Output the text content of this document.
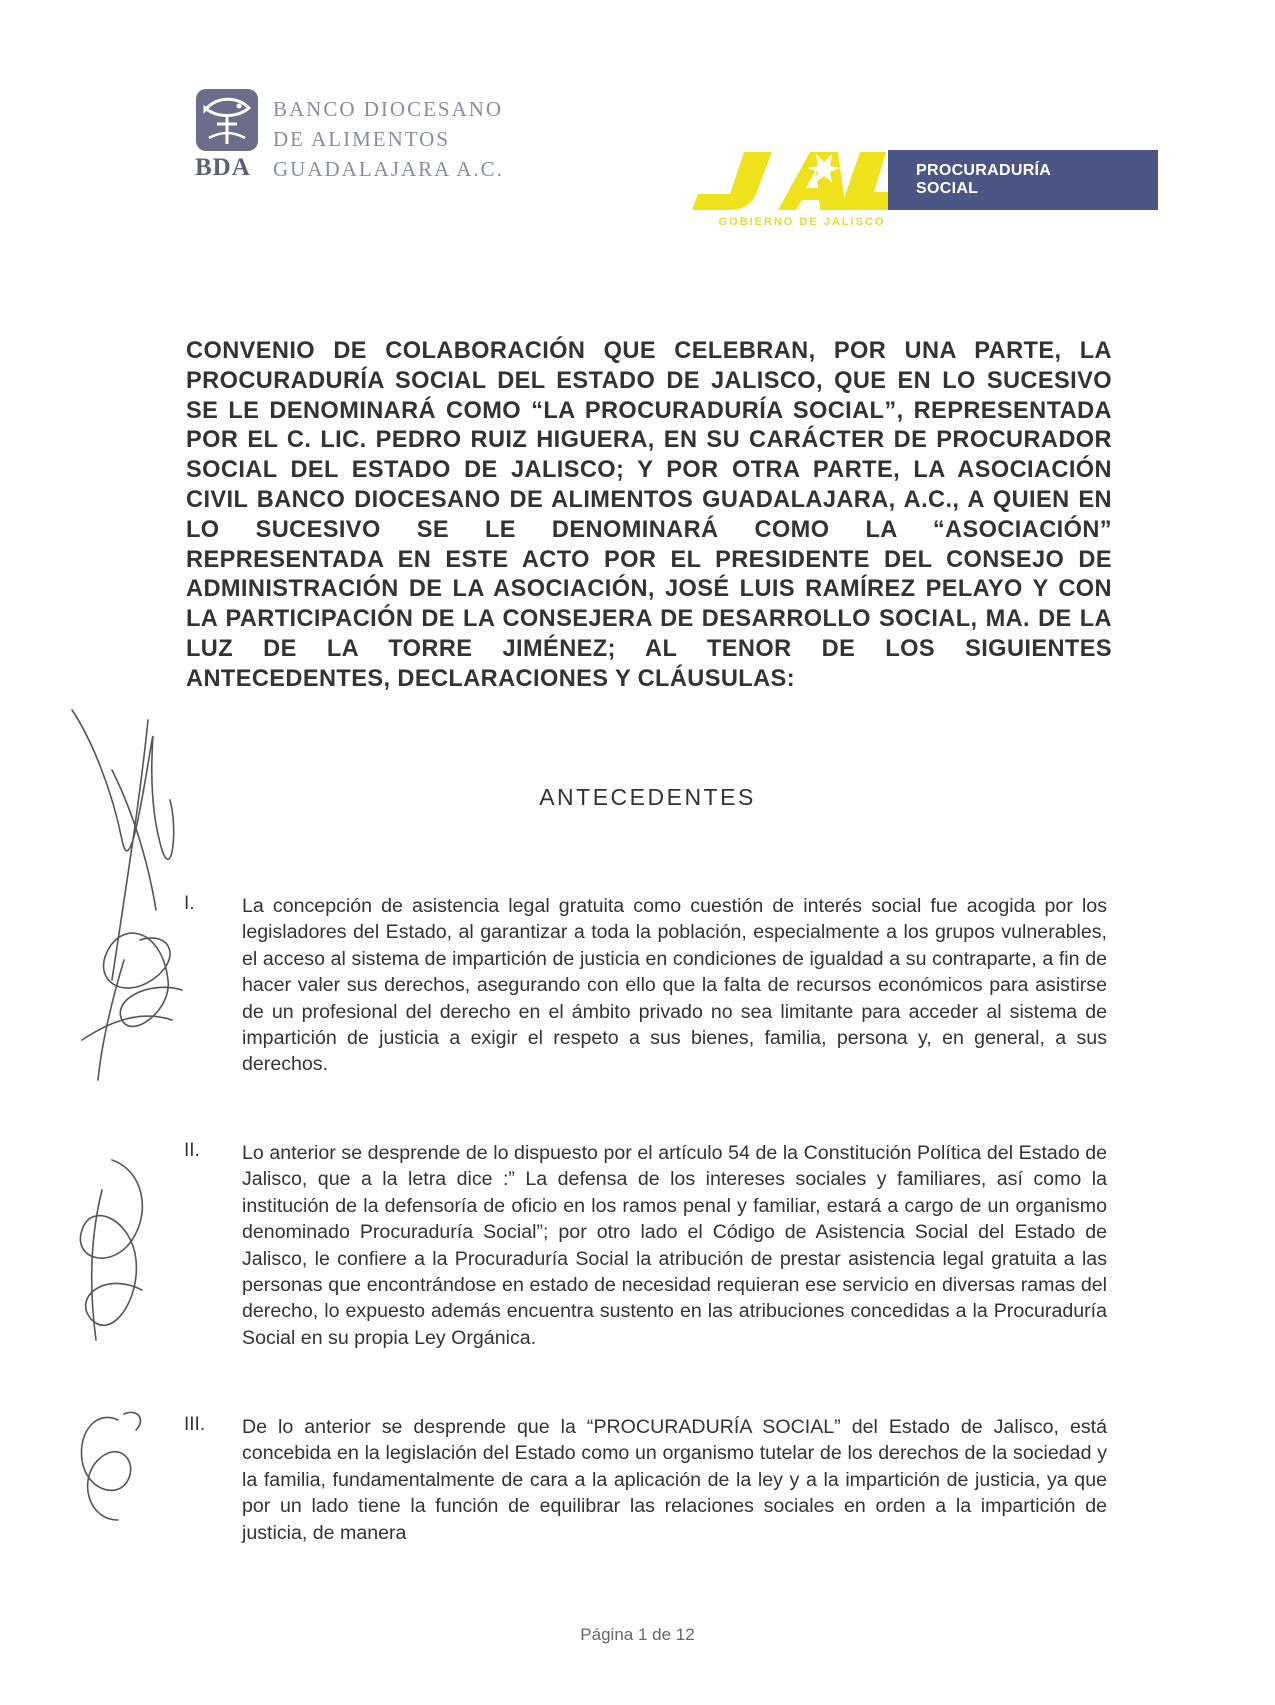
BDA
BANCO DIOCESANO
DE ALIMENTOS
GUADALAJARA A.C.	PROCURADURÍA
SOCIAL
GOBIERNO DE JALISCO
CONVENIO DE COLABORACIÓN QUE CELEBRAN, POR UNA PARTE, LA PROCURADURÍA SOCIAL DEL ESTADO DE JALISCO, QUE EN LO SUCESIVO SE LE DENOMINARÁ COMO “LA PROCURADURÍA SOCIAL”, REPRESENTADA POR EL C. LIC. PEDRO RUIZ HIGUERA, EN SU CARÁCTER DE PROCURADOR SOCIAL DEL ESTADO DE JALISCO; Y POR OTRA PARTE, LA ASOCIACIÓN CIVIL BANCO DIOCESANO DE ALIMENTOS GUADALAJARA, A.C., A QUIEN EN LO SUCESIVO SE LE DENOMINARÁ COMO LA “ASOCIACIÓN” REPRESENTADA EN ESTE ACTO POR EL PRESIDENTE DEL CONSEJO DE ADMINISTRACIÓN DE LA ASOCIACIÓN, JOSÉ LUIS RAMÍREZ PELAYO Y CON LA PARTICIPACIÓN DE LA CONSEJERA DE DESARROLLO SOCIAL, MA. DE LA LUZ DE LA TORRE JIMÉNEZ; AL TENOR DE LOS SIGUIENTES ANTECEDENTES, DECLARACIONES Y CLÁUSULAS:
ANTECEDENTES
I. La concepción de asistencia legal gratuita como cuestión de interés social fue acogida por los legisladores del Estado, al garantizar a toda la población, especialmente a los grupos vulnerables, el acceso al sistema de impartición de justicia en condiciones de igualdad a su contraparte, a fin de hacer valer sus derechos, asegurando con ello que la falta de recursos económicos para asistirse de un profesional del derecho en el ámbito privado no sea limitante para acceder al sistema de impartición de justicia a exigir el respeto a sus bienes, familia, persona y, en general, a sus derechos.
II. Lo anterior se desprende de lo dispuesto por el artículo 54 de la Constitución Política del Estado de Jalisco, que a la letra dice :” La defensa de los intereses sociales y familiares, así como la institución de la defensoría de oficio en los ramos penal y familiar, estará a cargo de un organismo denominado Procuraduría Social”; por otro lado el Código de Asistencia Social del Estado de Jalisco, le confiere a la Procuraduría Social la atribución de prestar asistencia legal gratuita a las personas que encontrándose en estado de necesidad requieran ese servicio en diversas ramas del derecho, lo expuesto además encuentra sustento en las atribuciones concedidas a la Procuraduría Social en su propia Ley Orgánica.
III. De lo anterior se desprende que la “PROCURADURÍA SOCIAL” del Estado de Jalisco, está concebida en la legislación del Estado como un organismo tutelar de los derechos de la sociedad y la familia, fundamentalmente de cara a la aplicación de la ley y a la impartición de justicia, ya que por un lado tiene la función de equilibrar las relaciones sociales en orden a la impartición de justicia, de manera
Página 1 de 12
